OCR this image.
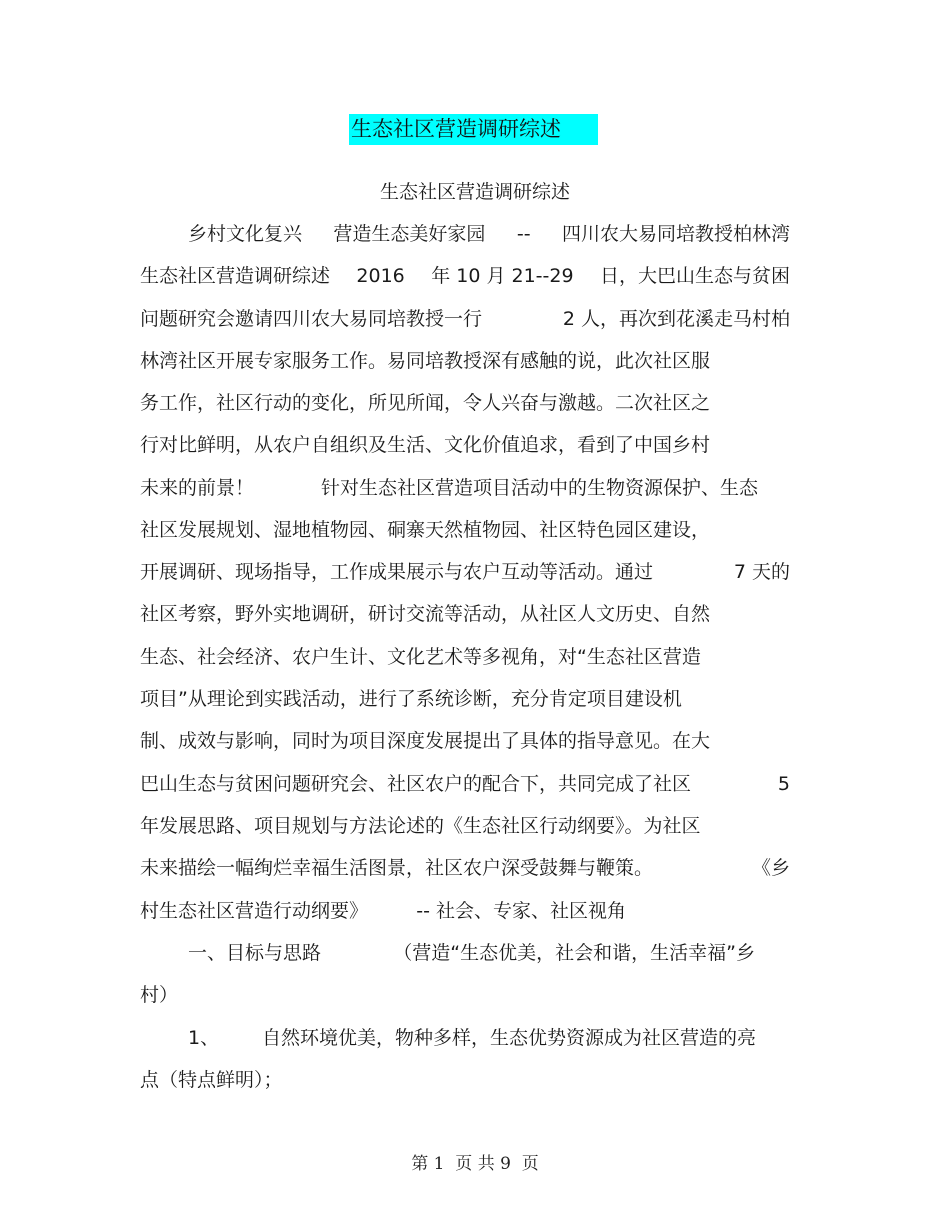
生态社区营造调研综述
生态社区营造调研综述
乡村文化复兴 营造生态美好家园 -- 四川农大易同培教授柏林湾
生态社区营造调研综述 2016 年 10 月 21--29 日，大巴山生态与贫困
问题研究会邀请四川农大易同培教授一行	2 人，再次到花溪走马村柏
林湾社区开展专家服务工作。易同培教授深有感触的说，此次社区服
务工作，社区行动的变化，所见所闻，令人兴奋与激越。二次社区之
行对比鲜明，从农户自组织及生活、文化价值追求，看到了中国乡村
未来的前景！	针对生态社区营造项目活动中的生物资源保护、生态
社区发展规划、湿地植物园、硐寨天然植物园、社区特色园区建设，
开展调研、现场指导，工作成果展示与农户互动等活动。通过	7 天的
社区考察，野外实地调研，研讨交流等活动，从社区人文历史、自然
生态、社会经济、农户生计、文化艺术等多视角，对“生态社区营造
项目”从理论到实践活动，进行了系统诊断，充分肯定项目建设机
制、成效与影响，同时为项目深度发展提出了具体的指导意见。在大
巴山生态与贫困问题研究会、社区农户的配合下，共同完成了社区	5
年发展思路、项目规划与方法论述的《生态社区行动纲要》。为社区
未来描绘一幅绚烂幸福生活图景，社区农户深受鼓舞与鞭策。	《乡
村生态社区营造行动纲要》	-- 社会、专家、社区视角
一、目标与思路	（营造“生态优美，社会和谐，生活幸福”乡
村）
1、 自然环境优美，物种多样，生态优势资源成为社区营造的亮
点（特点鲜明）；
第 1  页 共 9  页
